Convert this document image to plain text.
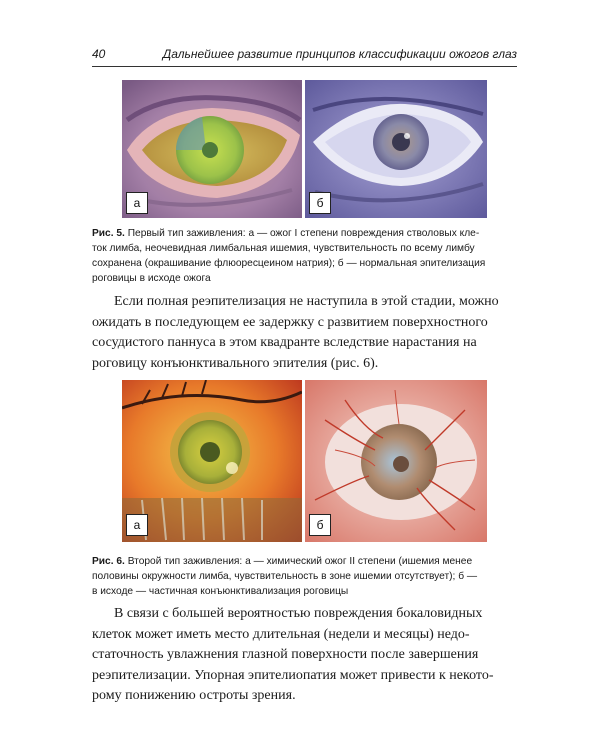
40	Дальнейшее развитие принципов классификации ожогов глаз
а	б
Рис. 5. Первый тип заживления: а — ожог I степени повреждения стволовых кле-
ток лимба, неочевидная лимбальная ишемия, чувствительность по всему лимбу
сохранена (окрашивание флюоресцеином натрия); б — нормальная эпителизация
роговицы в исходе ожога
Если полная реэпителизация не наступила в этой стадии, можно
ожидать в последующем ее задержку с развитием поверхностного
сосудистого паннуса в этом квадранте вследствие нарастания на
роговицу конъюнктивального эпителия (рис. 6).
а	б
Рис. 6. Второй тип заживления: а — химический ожог II степени (ишемия менее
половины окружности лимба, чувствительность в зоне ишемии отсутствует); б —
в исходе — частичная конъюнктивализация роговицы
В связи с большей вероятностью повреждения бокаловидных
клеток может иметь место длительная (недели и месяцы) недо-
статочность увлажнения глазной поверхности после завершения
реэпителизации. Упорная эпителиопатия может привести к некото-
рому понижению остроты зрения.
